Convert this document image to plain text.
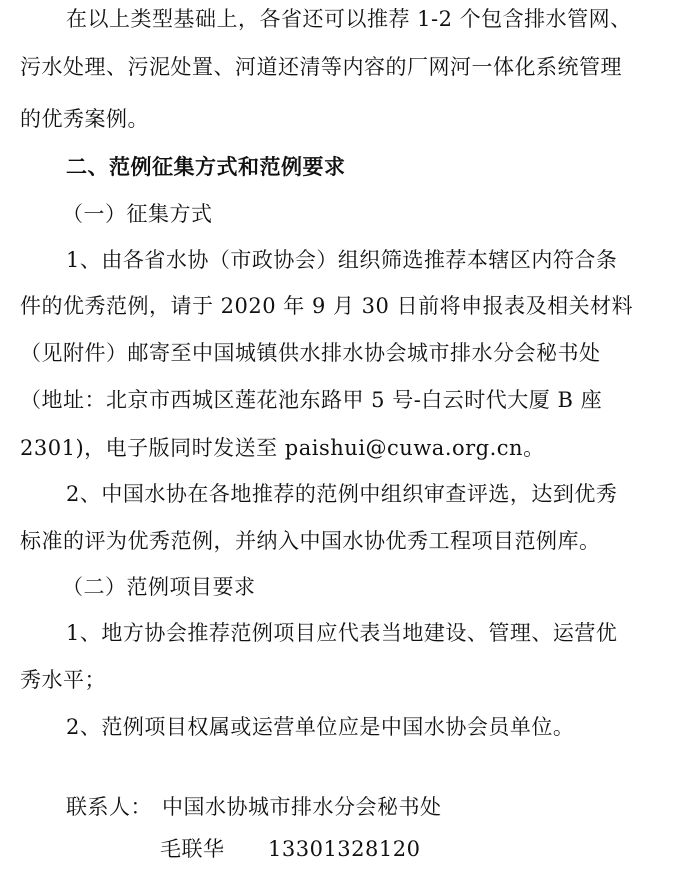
在以上类型基础上，各省还可以推荐 1-2 个包含排水管网、
污水处理、污泥处置、河道还清等内容的厂网河一体化系统管理
的优秀案例。
二、范例征集方式和范例要求
（一）征集方式
1、由各省水协（市政协会）组织筛选推荐本辖区内符合条
件的优秀范例，请于 2020 年 9 月 30 日前将申报表及相关材料
（见附件）邮寄至中国城镇供水排水协会城市排水分会秘书处
（地址：北京市西城区莲花池东路甲 5 号-白云时代大厦 B 座
2301)，电子版同时发送至 paishui@cuwa.org.cn。
2、中国水协在各地推荐的范例中组织审查评选，达到优秀
标准的评为优秀范例，并纳入中国水协优秀工程项目范例库。
（二）范例项目要求
1、地方协会推荐范例项目应代表当地建设、管理、运营优
秀水平；
2、范例项目权属或运营单位应是中国水协会员单位。
联系人： 中国水协城市排水分会秘书处
毛联华 13301328120
